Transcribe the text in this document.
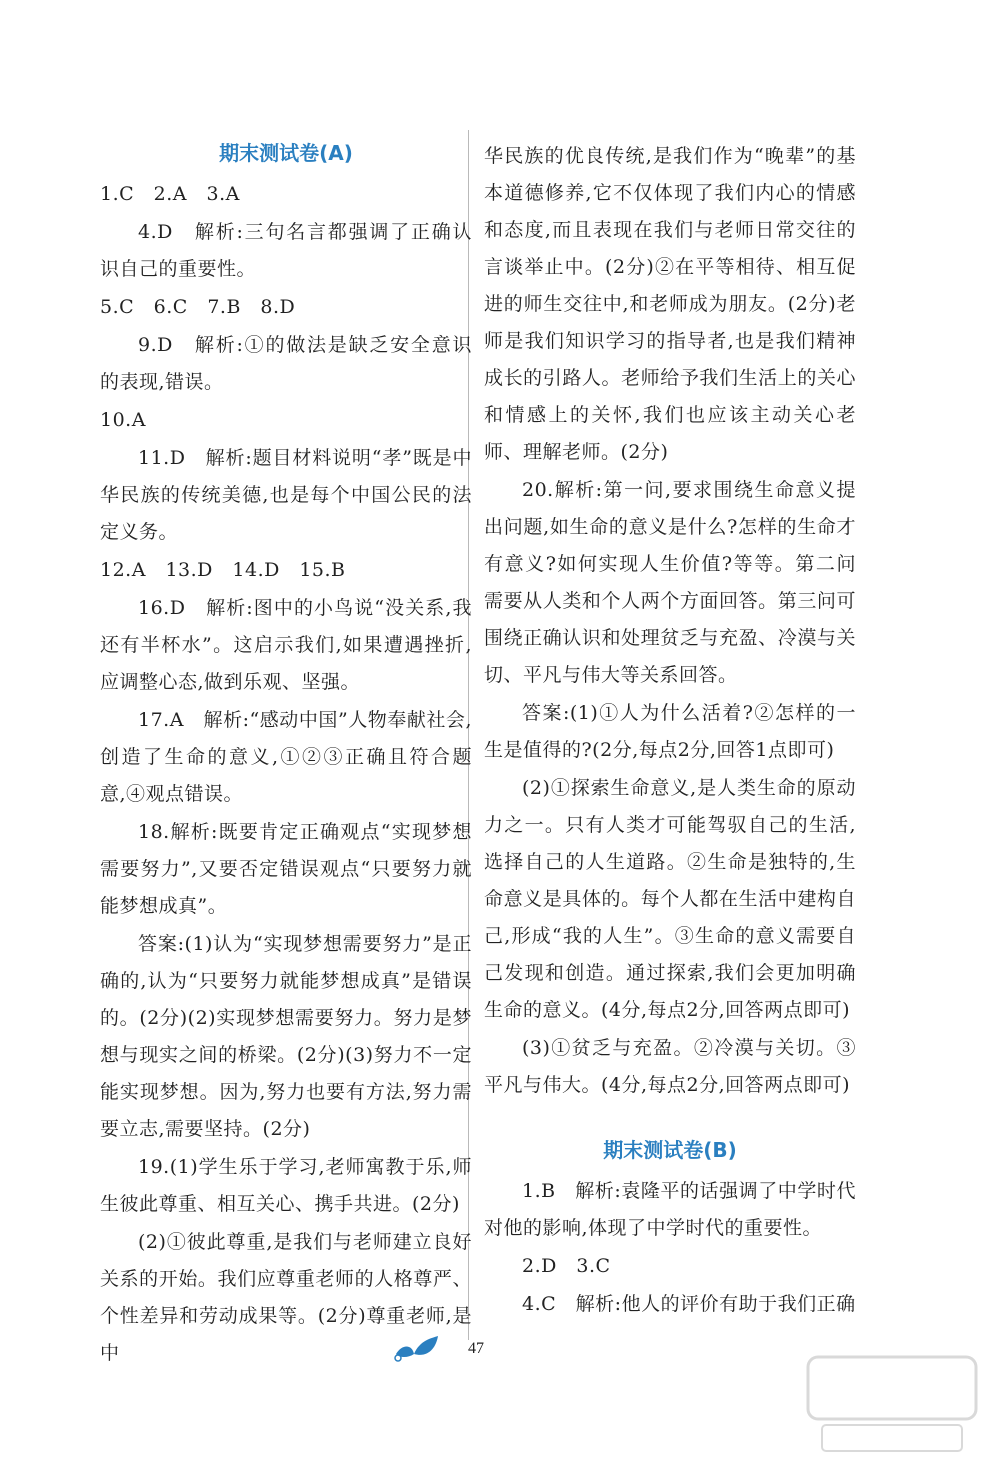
期末测试卷(A)

1.C　2.A　3.A

4.D　解析:三句名言都强调了正确认识自己的重要性。

5.C　6.C　7.B　8.D

9.D　解析:①的做法是缺乏安全意识的表现,错误。

10.A

11.D　解析:题目材料说明“孝”既是中华民族的传统美德,也是每个中国公民的法定义务。

12.A　13.D　14.D　15.B

16.D　解析:图中的小鸟说“没关系,我还有半杯水”。这启示我们,如果遭遇挫折,应调整心态,做到乐观、坚强。

17.A　解析:“感动中国”人物奉献社会,创造了生命的意义,①②③正确且符合题意,④观点错误。

18.解析:既要肯定正确观点“实现梦想需要努力”,又要否定错误观点“只要努力就能梦想成真”。

答案:(1)认为“实现梦想需要努力”是正确的,认为“只要努力就能梦想成真”是错误的。(2分)(2)实现梦想需要努力。努力是梦想与现实之间的桥梁。(2分)(3)努力不一定能实现梦想。因为,努力也要有方法,努力需要立志,需要坚持。(2分)

19.(1)学生乐于学习,老师寓教于乐,师生彼此尊重、相互关心、携手共进。(2分)

(2)①彼此尊重,是我们与老师建立良好关系的开始。我们应尊重老师的人格尊严、个性差异和劳动成果等。(2分)尊重老师,是中

华民族的优良传统,是我们作为“晚辈”的基本道德修养,它不仅体现了我们内心的情感和态度,而且表现在我们与老师日常交往的言谈举止中。(2分)②在平等相待、相互促进的师生交往中,和老师成为朋友。(2分)老师是我们知识学习的指导者,也是我们精神成长的引路人。老师给予我们生活上的关心和情感上的关怀,我们也应该主动关心老师、理解老师。(2分)

20.解析:第一问,要求围绕生命意义提出问题,如生命的意义是什么?怎样的生命才有意义?如何实现人生价值?等等。第二问需要从人类和个人两个方面回答。第三问可围绕正确认识和处理贫乏与充盈、冷漠与关切、平凡与伟大等关系回答。

答案:(1)①人为什么活着?②怎样的一生是值得的?(2分,每点2分,回答1点即可)

(2)①探索生命意义,是人类生命的原动力之一。只有人类才可能驾驭自己的生活,选择自己的人生道路。②生命是独特的,生命意义是具体的。每个人都在生活中建构自己,形成“我的人生”。③生命的意义需要自己发现和创造。通过探索,我们会更加明确生命的意义。(4分,每点2分,回答两点即可)

(3)①贫乏与充盈。②冷漠与关切。③平凡与伟大。(4分,每点2分,回答两点即可)

期末测试卷(B)

1.B　解析:袁隆平的话强调了中学时代对他的影响,体现了中学时代的重要性。

2.D　3.C

4.C　解析:他人的评价有助于我们正确

47
